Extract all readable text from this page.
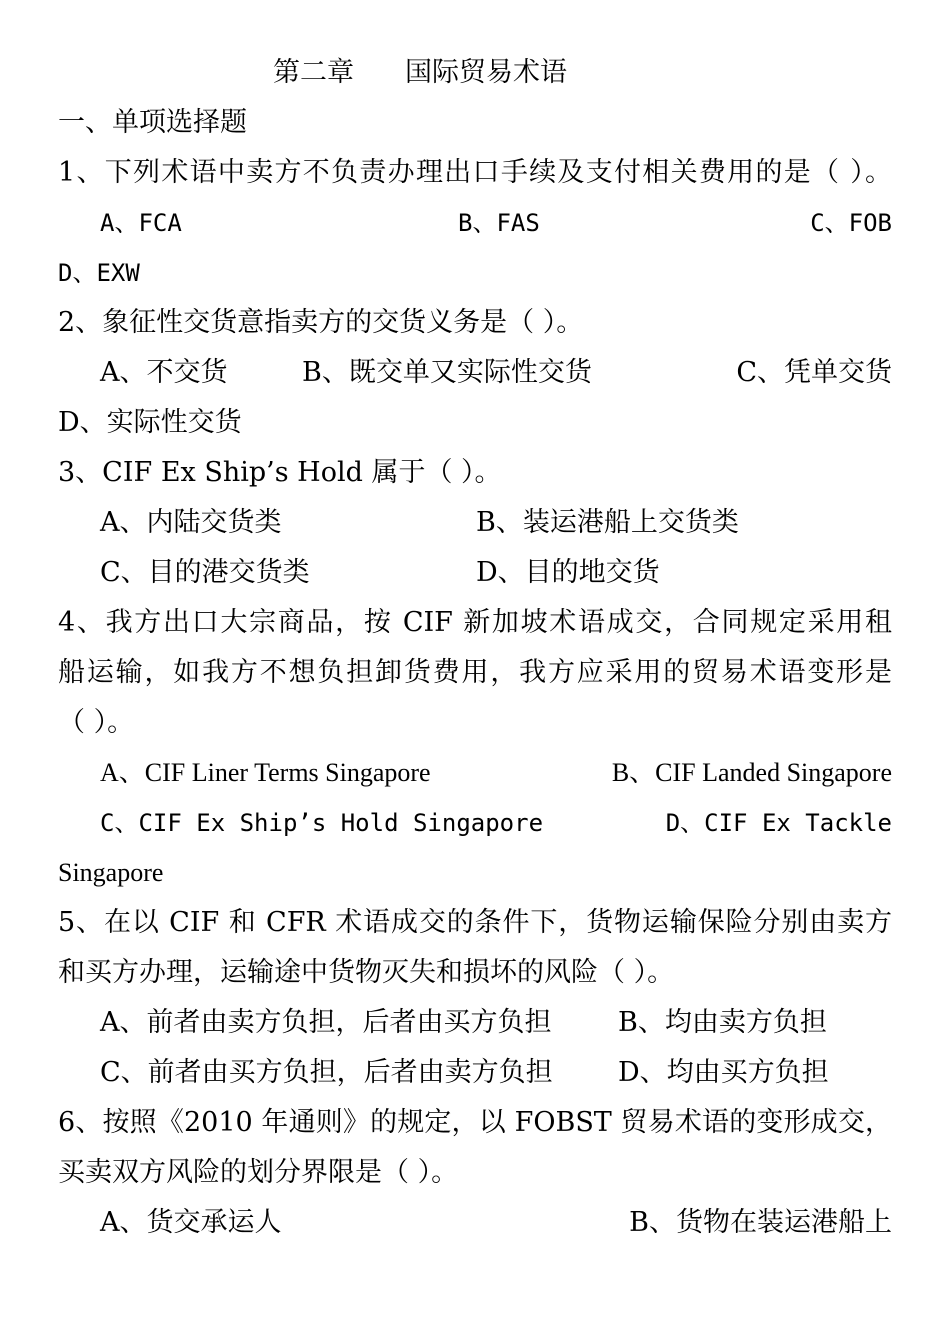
第二章 国际贸易术语
一、单项选择题
1、下列术语中卖方不负责办理出口手续及支付相关费用的是（ ）。
A、FCA	B、FAS	C、FOB
D、EXW
2、象征性交货意指卖方的交货义务是（ ）。
A、不交货	B、既交单又实际性交货	C、凭单交货
D、实际性交货
3、CIF Ex Ship’s Hold 属于（ ）。
A、内陆交货类	B、装运港船上交货类
C、目的港交货类	D、目的地交货
4、我方出口大宗商品，按 CIF 新加坡术语成交，合同规定采用租
船运输，如我方不想负担卸货费用，我方应采用的贸易术语变形是
（ ）。
A、CIF Liner Terms Singapore	B、CIF Landed Singapore
C、CIF Ex Ship’s Hold Singapore	D、CIF Ex Tackle
Singapore
5、在以 CIF 和 CFR 术语成交的条件下，货物运输保险分别由卖方
和买方办理，运输途中货物灭失和损坏的风险（ ）。
A、前者由卖方负担，后者由买方负担 B、均由卖方负担
C、前者由买方负担，后者由卖方负担 D、均由买方负担
6、按照《2010 年通则》的规定，以 FOBST 贸易术语的变形成交，
买卖双方风险的划分界限是（ ）。
A、货交承运人	B、货物在装运港船上
